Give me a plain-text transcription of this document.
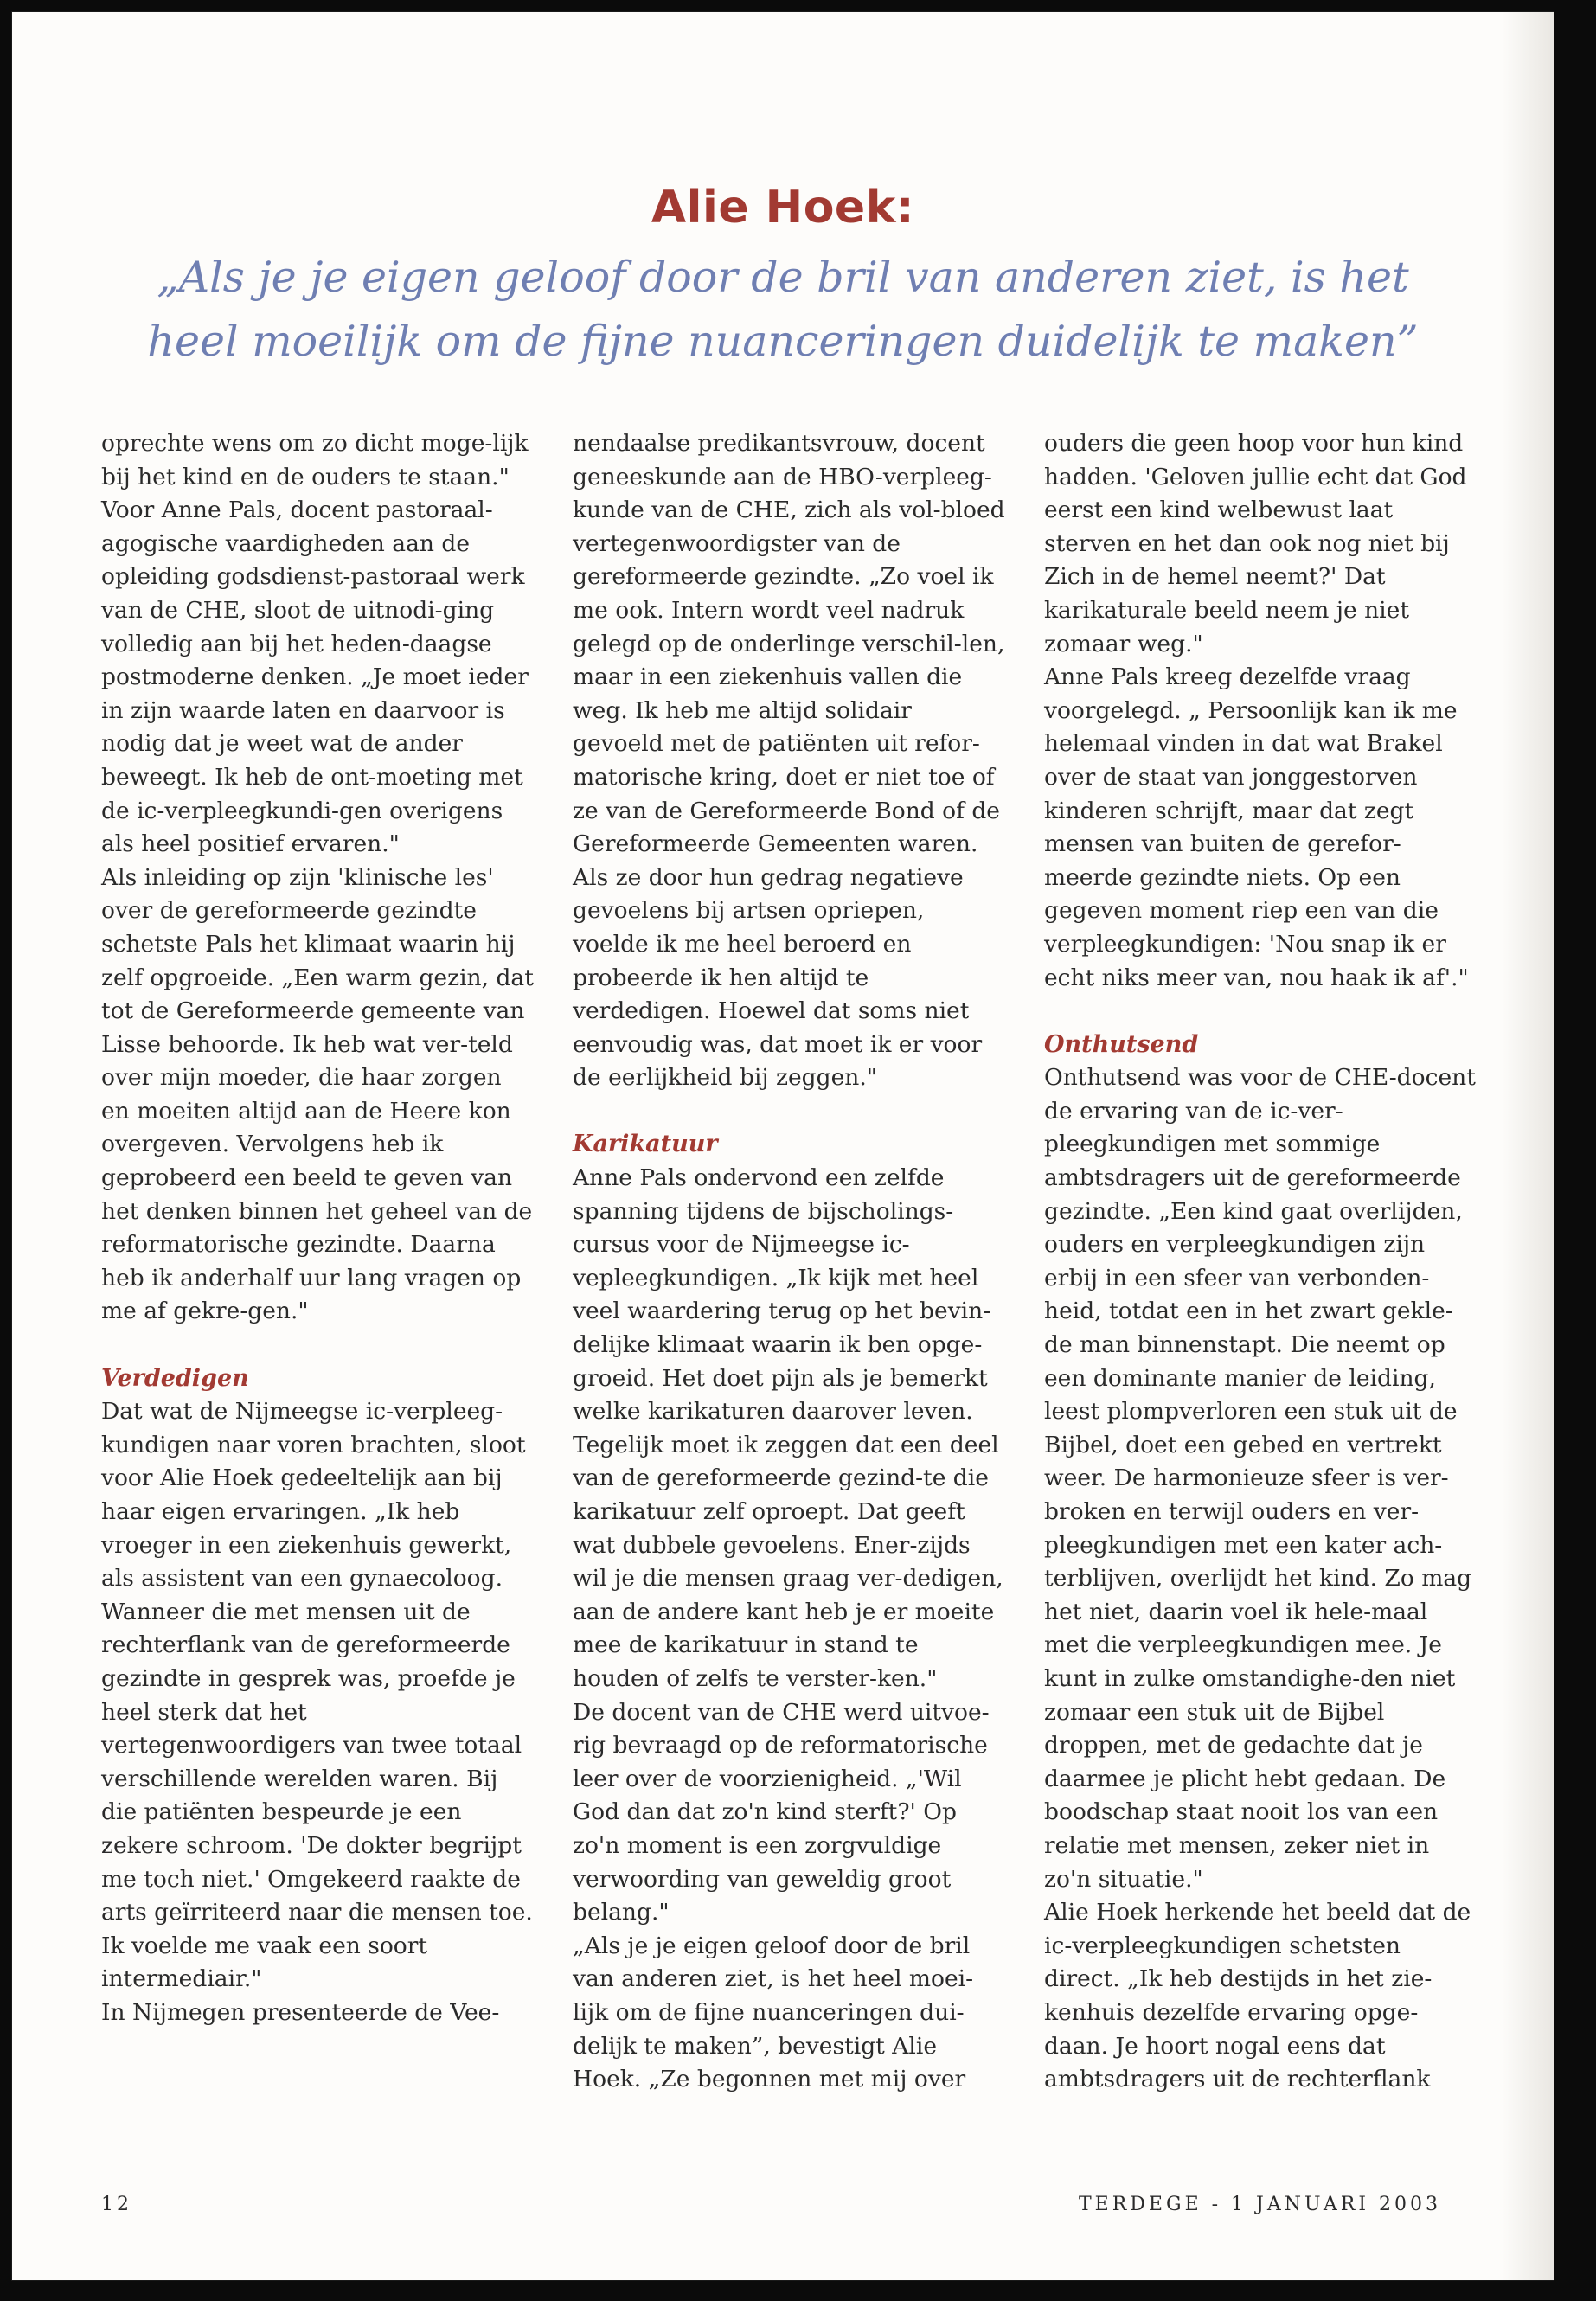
Alie Hoek:
„Als je je eigen geloof door de bril van anderen ziet, is het heel moeilijk om de fijne nuanceringen duidelijk te maken”

oprechte wens om zo dicht moge-lijk bij het kind en de ouders te staan."

Voor Anne Pals, docent pastoraal-agogische vaardigheden aan de opleiding godsdienst-pastoraal werk van de CHE, sloot de uitnodi-ging volledig aan bij het heden-daagse postmoderne denken. „Je moet ieder in zijn waarde laten en daarvoor is nodig dat je weet wat de ander beweegt. Ik heb de ont-moeting met de ic-verpleegkundi-gen overigens als heel positief ervaren."

Als inleiding op zijn 'klinische les' over de gereformeerde gezindte schetste Pals het klimaat waarin hij zelf opgroeide. „Een warm gezin, dat tot de Gereformeerde gemeente van Lisse behoorde. Ik heb wat ver-teld over mijn moeder, die haar zorgen en moeiten altijd aan de Heere kon overgeven. Vervolgens heb ik geprobeerd een beeld te geven van het denken binnen het geheel van de reformatorische gezindte. Daarna heb ik anderhalf uur lang vragen op me af gekre-gen."

Verdedigen

Dat wat de Nijmeegse ic-verpleeg-kundigen naar voren brachten, sloot voor Alie Hoek gedeeltelijk aan bij haar eigen ervaringen. „Ik heb vroeger in een ziekenhuis gewerkt, als assistent van een gynaecoloog. Wanneer die met mensen uit de rechterflank van de gereformeerde gezindte in gesprek was, proefde je heel sterk dat het vertegenwoordigers van twee totaal verschillende werelden waren. Bij die patiënten bespeurde je een zekere schroom. 'De dokter begrijpt me toch niet.' Omgekeerd raakte de arts geïrriteerd naar die mensen toe. Ik voelde me vaak een soort intermediair."

In Nijmegen presenteerde de Vee-

nendaalse predikantsvrouw, docent geneeskunde aan de HBO-verpleeg-kunde van de CHE, zich als vol-bloed vertegenwoordigster van de gereformeerde gezindte. „Zo voel ik me ook. Intern wordt veel nadruk gelegd op de onderlinge verschil-len, maar in een ziekenhuis vallen die weg. Ik heb me altijd solidair gevoeld met de patiënten uit refor-matorische kring, doet er niet toe of ze van de Gereformeerde Bond of de Gereformeerde Gemeenten waren. Als ze door hun gedrag negatieve gevoelens bij artsen opriepen, voelde ik me heel beroerd en probeerde ik hen altijd te verdedigen. Hoewel dat soms niet eenvoudig was, dat moet ik er voor de eerlijkheid bij zeggen."

Karikatuur

Anne Pals ondervond een zelfde spanning tijdens de bijscholings-cursus voor de Nijmeegse ic-vepleegkundigen. „Ik kijk met heel veel waardering terug op het bevin-delijke klimaat waarin ik ben opge-groeid. Het doet pijn als je bemerkt welke karikaturen daarover leven. Tegelijk moet ik zeggen dat een deel van de gereformeerde gezind-te die karikatuur zelf oproept. Dat geeft wat dubbele gevoelens. Ener-zijds wil je die mensen graag ver-dedigen, aan de andere kant heb je er moeite mee de karikatuur in stand te houden of zelfs te verster-ken."

De docent van de CHE werd uitvoe-rig bevraagd op de reformatorische leer over de voorzienigheid. „'Wil God dan dat zo'n kind sterft?' Op zo'n moment is een zorgvuldige verwoording van geweldig groot belang."

„Als je je eigen geloof door de bril van anderen ziet, is het heel moei-lijk om de fijne nuanceringen dui-delijk te maken”, bevestigt Alie Hoek. „Ze begonnen met mij over

ouders die geen hoop voor hun kind hadden. 'Geloven jullie echt dat God eerst een kind welbewust laat sterven en het dan ook nog niet bij Zich in de hemel neemt?' Dat karikaturale beeld neem je niet zomaar weg."

Anne Pals kreeg dezelfde vraag voorgelegd. „ Persoonlijk kan ik me helemaal vinden in dat wat Brakel over de staat van jonggestorven kinderen schrijft, maar dat zegt mensen van buiten de gerefor-meerde gezindte niets. Op een gegeven moment riep een van die verpleegkundigen: 'Nou snap ik er echt niks meer van, nou haak ik af'."

Onthutsend

Onthutsend was voor de CHE-docent de ervaring van de ic-ver-pleegkundigen met sommige ambtsdragers uit de gereformeerde gezindte. „Een kind gaat overlijden, ouders en verpleegkundigen zijn erbij in een sfeer van verbonden-heid, totdat een in het zwart gekle-de man binnenstapt. Die neemt op een dominante manier de leiding, leest plompverloren een stuk uit de Bijbel, doet een gebed en vertrekt weer. De harmonieuze sfeer is ver-broken en terwijl ouders en ver-pleegkundigen met een kater ach-terblijven, overlijdt het kind. Zo mag het niet, daarin voel ik hele-maal met die verpleegkundigen mee. Je kunt in zulke omstandighe-den niet zomaar een stuk uit de Bijbel droppen, met de gedachte dat je daarmee je plicht hebt gedaan. De boodschap staat nooit los van een relatie met mensen, zeker niet in zo'n situatie."

Alie Hoek herkende het beeld dat de ic-verpleegkundigen schetsten direct. „Ik heb destijds in het zie-kenhuis dezelfde ervaring opge-daan. Je hoort nogal eens dat ambtsdragers uit de rechterflank

12	TERDEGE - 1 JANUARI 2003
